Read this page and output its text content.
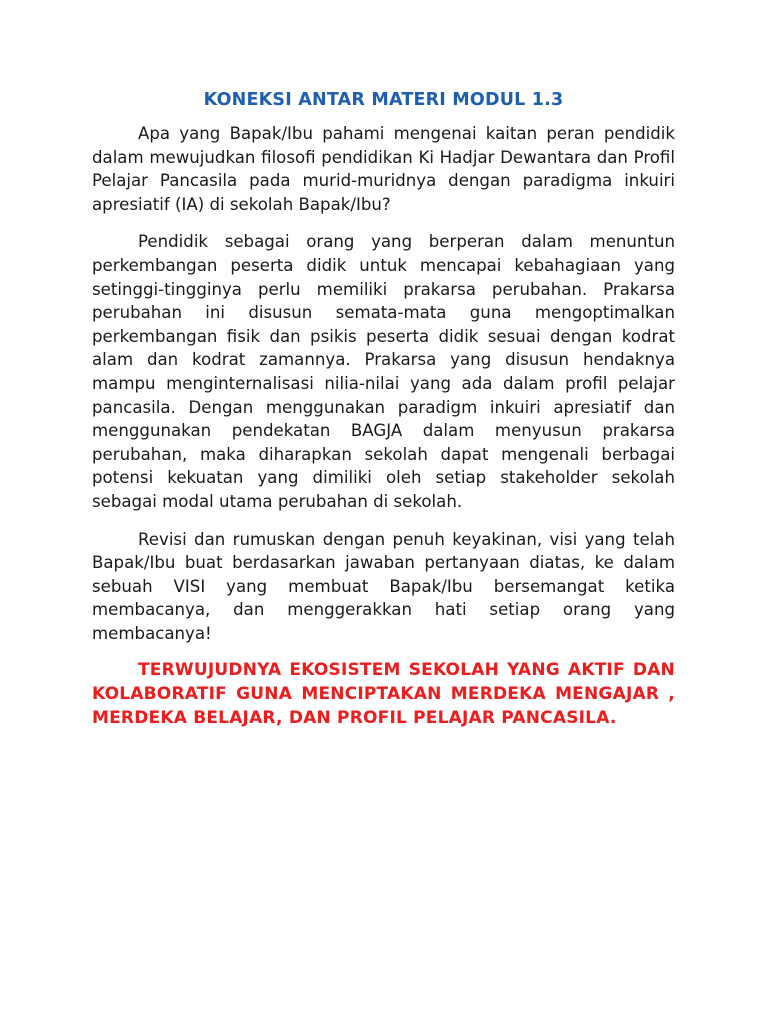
KONEKSI ANTAR MATERI MODUL 1.3

Apa yang Bapak/Ibu pahami mengenai kaitan peran pendidik dalam mewujudkan filosofi pendidikan Ki Hadjar Dewantara dan Profil Pelajar Pancasila pada murid-muridnya dengan paradigma inkuiri apresiatif (IA) di sekolah Bapak/Ibu?

Pendidik sebagai orang yang berperan dalam menuntun perkembangan peserta didik untuk mencapai kebahagiaan yang setinggi-tingginya perlu memiliki prakarsa perubahan. Prakarsa perubahan ini disusun semata-mata guna mengoptimalkan perkembangan fisik dan psikis peserta didik sesuai dengan kodrat alam dan kodrat zamannya. Prakarsa yang disusun hendaknya mampu menginternalisasi nilia-nilai yang ada dalam profil pelajar pancasila. Dengan menggunakan paradigm inkuiri apresiatif dan menggunakan pendekatan BAGJA dalam menyusun prakarsa perubahan, maka diharapkan sekolah dapat mengenali berbagai potensi kekuatan yang dimiliki oleh setiap stakeholder sekolah sebagai modal utama perubahan di sekolah.

Revisi dan rumuskan dengan penuh keyakinan, visi yang telah Bapak/Ibu buat berdasarkan jawaban pertanyaan diatas, ke dalam sebuah VISI yang membuat Bapak/Ibu bersemangat ketika membacanya, dan menggerakkan hati setiap orang yang membacanya!

TERWUJUDNYA EKOSISTEM SEKOLAH YANG AKTIF DAN KOLABORATIF GUNA MENCIPTAKAN MERDEKA MENGAJAR , MERDEKA BELAJAR, DAN PROFIL PELAJAR PANCASILA.
